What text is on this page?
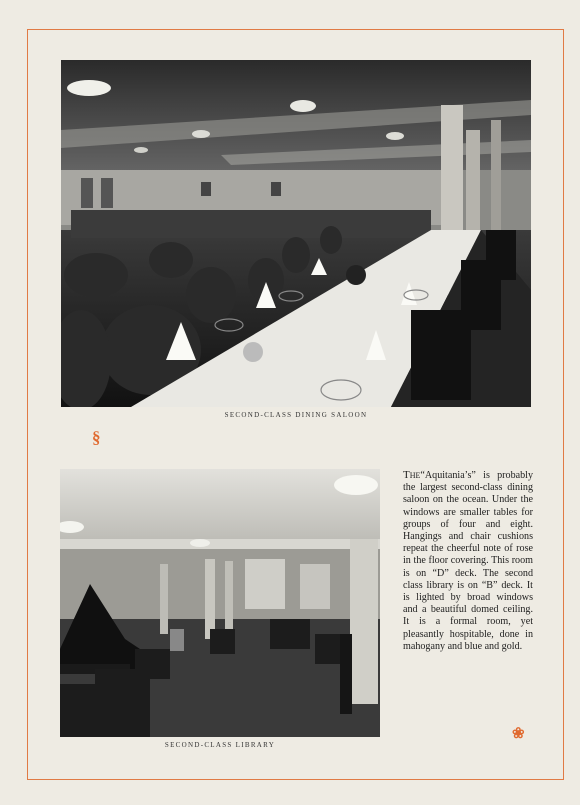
SECOND-CLASS DINING SALOON
§
SECOND-CLASS LIBRARY
The“Aquitania’s” is probably the largest second-class dining saloon on the ocean. Under the windows are smaller tables for groups of four and eight. Hangings and chair cushions repeat the cheerful note of rose in the floor covering. This room is on “D” deck. The second class library is on “B” deck. It is lighted by broad windows and a beautiful domed ceiling. It is a formal room, yet pleasantly hospitable, done in mahogany and blue and gold.
❀
